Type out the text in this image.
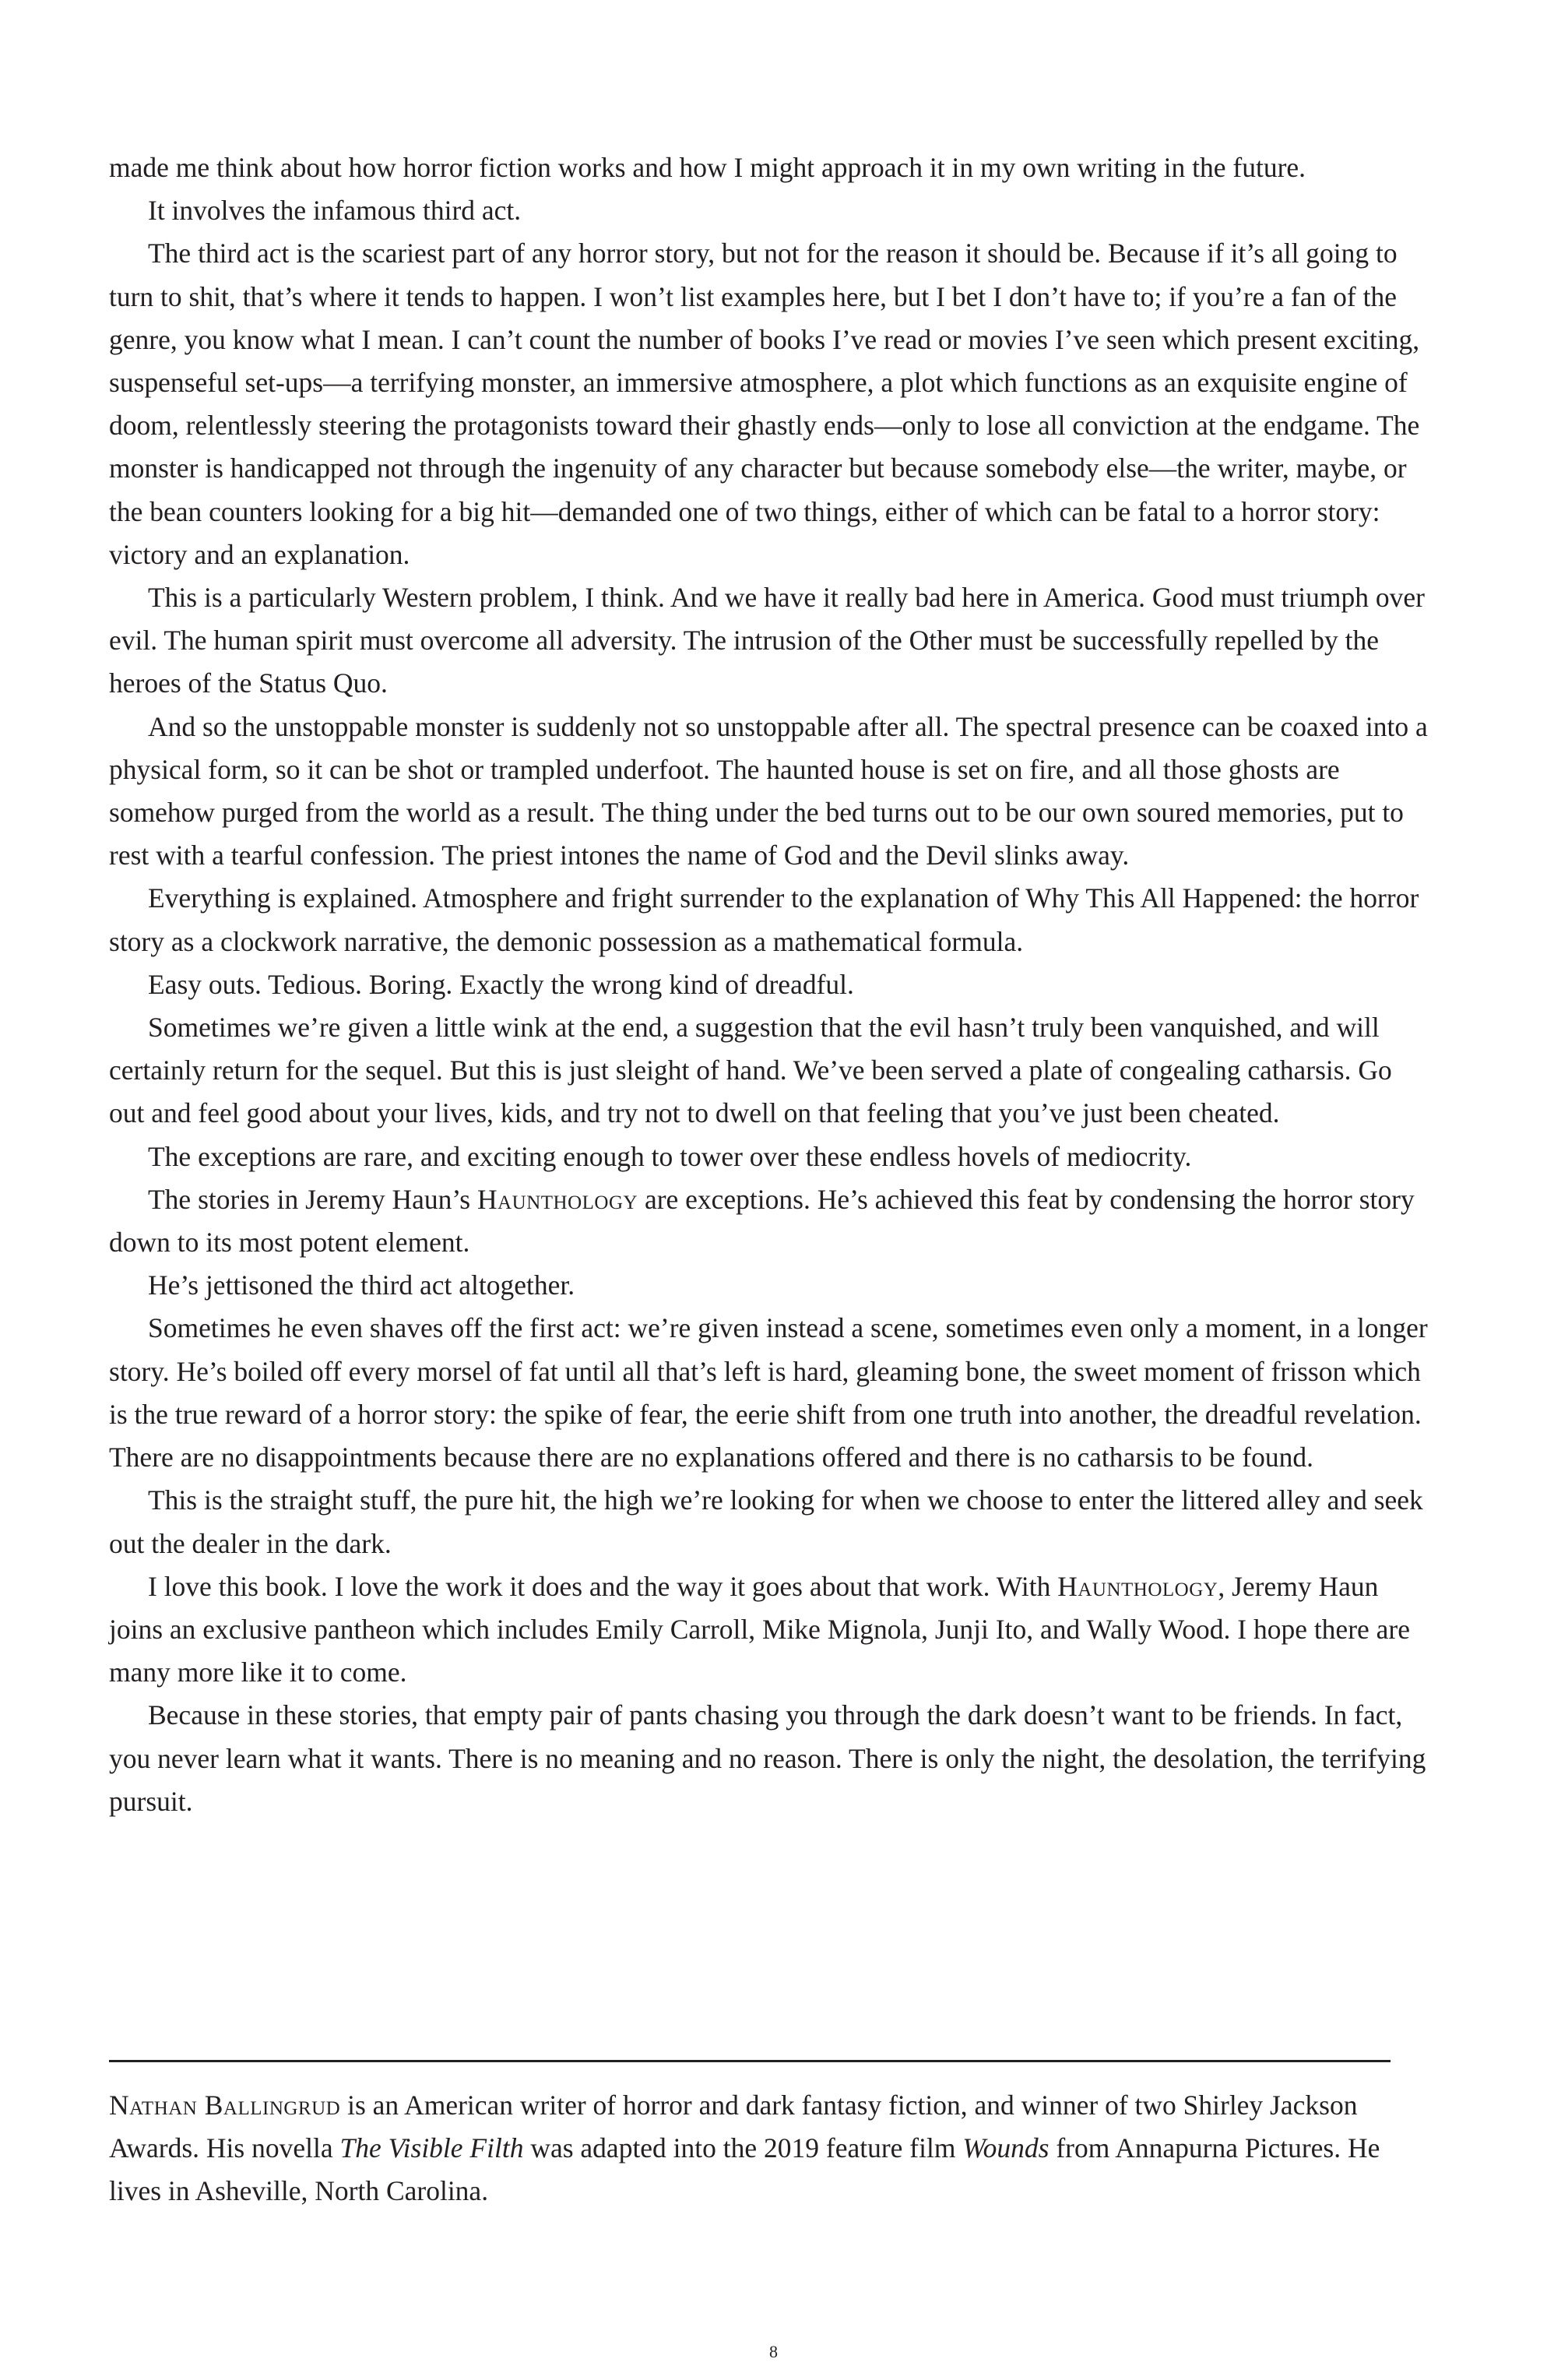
made me think about how horror fiction works and how I might approach it in my own writing in the future.

It involves the infamous third act.

The third act is the scariest part of any horror story, but not for the reason it should be. Because if it’s all going to turn to shit, that’s where it tends to happen. I won’t list examples here, but I bet I don’t have to; if you’re a fan of the genre, you know what I mean. I can’t count the number of books I’ve read or movies I’ve seen which present exciting, suspenseful set-ups—a terrifying monster, an immersive atmosphere, a plot which functions as an exquisite engine of doom, relentlessly steering the protagonists toward their ghastly ends—only to lose all conviction at the endgame. The monster is handicapped not through the ingenuity of any character but because somebody else—the writer, maybe, or the bean counters looking for a big hit—demanded one of two things, either of which can be fatal to a horror story: victory and an explanation.

This is a particularly Western problem, I think. And we have it really bad here in America. Good must triumph over evil. The human spirit must overcome all adversity. The intrusion of the Other must be successfully repelled by the heroes of the Status Quo.

And so the unstoppable monster is suddenly not so unstoppable after all. The spectral presence can be coaxed into a physical form, so it can be shot or trampled underfoot. The haunted house is set on fire, and all those ghosts are somehow purged from the world as a result. The thing under the bed turns out to be our own soured memories, put to rest with a tearful confession. The priest intones the name of God and the Devil slinks away.

Everything is explained. Atmosphere and fright surrender to the explanation of Why This All Happened: the horror story as a clockwork narrative, the demonic possession as a mathematical formula.

Easy outs. Tedious. Boring. Exactly the wrong kind of dreadful.

Sometimes we’re given a little wink at the end, a suggestion that the evil hasn’t truly been vanquished, and will certainly return for the sequel. But this is just sleight of hand. We’ve been served a plate of congealing catharsis. Go out and feel good about your lives, kids, and try not to dwell on that feeling that you’ve just been cheated.

The exceptions are rare, and exciting enough to tower over these endless hovels of mediocrity.

The stories in Jeremy Haun’s Haunthology are exceptions. He’s achieved this feat by condensing the horror story down to its most potent element.

He’s jettisoned the third act altogether.

Sometimes he even shaves off the first act: we’re given instead a scene, sometimes even only a moment, in a longer story. He’s boiled off every morsel of fat until all that’s left is hard, gleaming bone, the sweet moment of frisson which is the true reward of a horror story: the spike of fear, the eerie shift from one truth into another, the dreadful revelation. There are no disappointments because there are no explanations offered and there is no catharsis to be found.

This is the straight stuff, the pure hit, the high we’re looking for when we choose to enter the littered alley and seek out the dealer in the dark.

I love this book. I love the work it does and the way it goes about that work. With Haunthology, Jeremy Haun joins an exclusive pantheon which includes Emily Carroll, Mike Mignola, Junji Ito, and Wally Wood. I hope there are many more like it to come.

Because in these stories, that empty pair of pants chasing you through the dark doesn’t want to be friends. In fact, you never learn what it wants. There is no meaning and no reason. There is only the night, the desolation, the terrifying pursuit.

Nathan Ballingrud is an American writer of horror and dark fantasy fiction, and winner of two Shirley Jackson Awards. His novella The Visible Filth was adapted into the 2019 feature film Wounds from Annapurna Pictures. He lives in Asheville, North Carolina.

8
